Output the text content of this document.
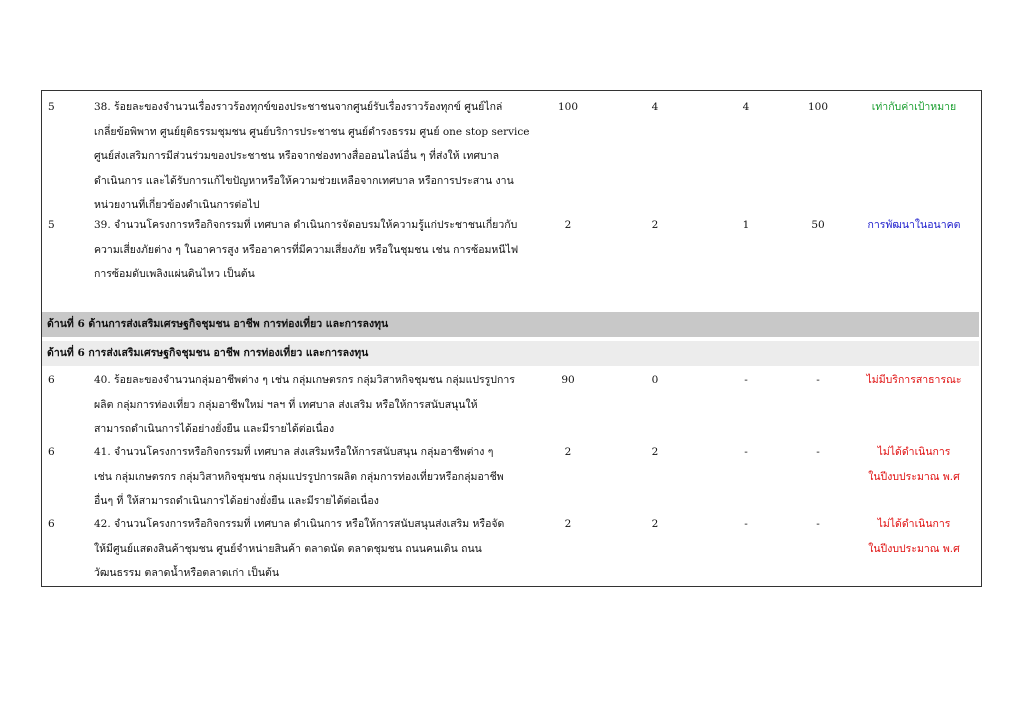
5	38. ร้อยละของจำนวนเรื่องราวร้องทุกข์ของประชาชนจากศูนย์รับเรื่องราวร้องทุกข์ ศูนย์ไกล่
เกลี่ยข้อพิพาท ศูนย์ยุติธรรมชุมชน ศูนย์บริการประชาชน ศูนย์ดำรงธรรม ศูนย์ one stop service
ศูนย์ส่งเสริมการมีส่วนร่วมของประชาชน หรือจากช่องทางสื่อออนไลน์อื่น ๆ ที่ส่งให้ เทศบาล
ดำเนินการ และได้รับการแก้ไขปัญหาหรือให้ความช่วยเหลือจากเทศบาล หรือการประสาน งาน
หน่วยงานที่เกี่ยวข้องดำเนินการต่อไป
100	4	4	100	เท่ากับค่าเป้าหมาย
5	39. จำนวนโครงการหรือกิจกรรมที่ เทศบาล ดำเนินการจัดอบรมให้ความรู้แก่ประชาชนเกี่ยวกับ
ความเสี่ยงภัยต่าง ๆ ในอาคารสูง หรืออาคารที่มีความเสี่ยงภัย หรือในชุมชน เช่น การซ้อมหนีไฟ
การซ้อมดับเพลิงแผ่นดินไหว เป็นต้น
2	2	1	50	การพัฒนาในอนาคต
ด้านที่ 6 ด้านการส่งเสริมเศรษฐกิจชุมชน อาชีพ การท่องเที่ยว และการลงทุน
ด้านที่ 6 การส่งเสริมเศรษฐกิจชุมชน อาชีพ การท่องเที่ยว และการลงทุน
6	40. ร้อยละของจำนวนกลุ่มอาชีพต่าง ๆ เช่น กลุ่มเกษตรกร กลุ่มวิสาหกิจชุมชน กลุ่มแปรรูปการ
ผลิต กลุ่มการท่องเที่ยว กลุ่มอาชีพใหม่ ฯลฯ ที่ เทศบาล ส่งเสริม หรือให้การสนับสนุนให้
สามารถดำเนินการได้อย่างยั่งยืน และมีรายได้ต่อเนื่อง
90	0	-	-	ไม่มีบริการสาธารณะ
6	41. จำนวนโครงการหรือกิจกรรมที่ เทศบาล ส่งเสริมหรือให้การสนับสนุน กลุ่มอาชีพต่าง ๆ
เช่น กลุ่มเกษตรกร กลุ่มวิสาหกิจชุมชน กลุ่มแปรรูปการผลิต กลุ่มการท่องเที่ยวหรือกลุ่มอาชีพ
อื่นๆ ที่ ให้สามารถดำเนินการได้อย่างยั่งยืน และมีรายได้ต่อเนื่อง
2	2	-	-	ไม่ได้ดำเนินการ
ในปีงบประมาณ พ.ศ
6	42. จำนวนโครงการหรือกิจกรรมที่ เทศบาล ดำเนินการ หรือให้การสนับสนุนส่งเสริม หรือจัด
ให้มีศูนย์แสดงสินค้าชุมชน ศูนย์จำหน่ายสินค้า ตลาดนัด ตลาดชุมชน ถนนคนเดิน ถนน
วัฒนธรรม ตลาดน้ำหรือตลาดเก่า เป็นต้น
2	2	-	-	ไม่ได้ดำเนินการ
ในปีงบประมาณ พ.ศ
